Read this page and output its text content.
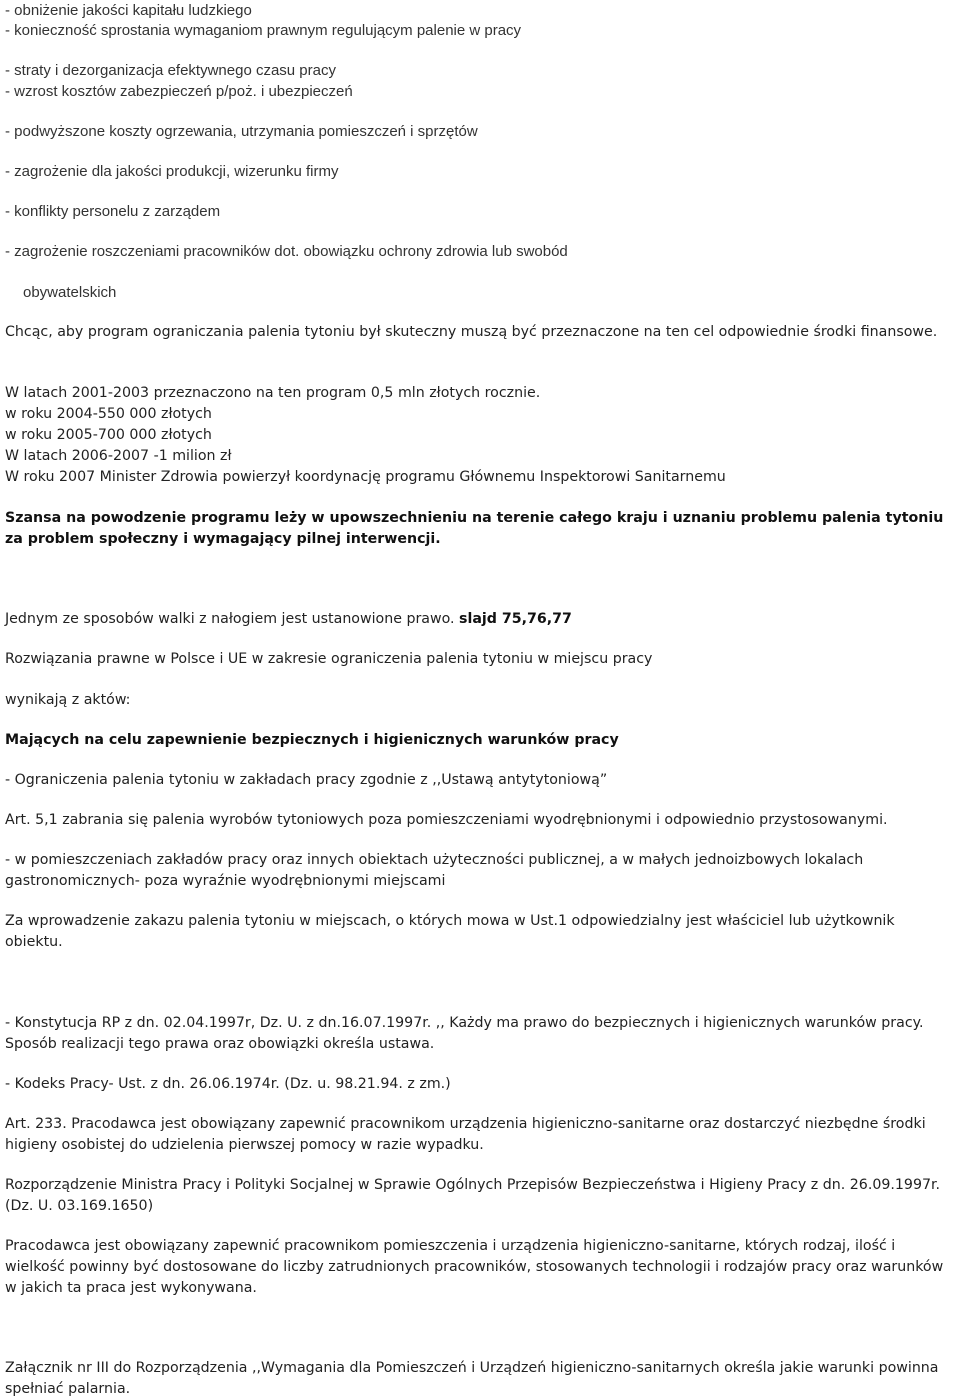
- obniżenie jakości kapitału ludzkiego

- konieczność sprostania wymaganiom prawnym regulującym palenie w pracy

- straty i dezorganizacja efektywnego czasu pracy

- wzrost kosztów zabezpieczeń p/poż. i ubezpieczeń

- podwyższone koszty ogrzewania, utrzymania pomieszczeń i sprzętów

- zagrożenie dla jakości produkcji, wizerunku firmy

- konflikty personelu z zarządem

- zagrożenie roszczeniami pracowników dot. obowiązku ochrony zdrowia lub swobód

obywatelskich

Chcąc, aby program ograniczania palenia tytoniu był skuteczny muszą być przeznaczone na ten cel odpowiednie środki finansowe.

W latach 2001-2003 przeznaczono na ten program 0,5 mln złotych rocznie.

w roku 2004-550 000 złotych

w roku 2005-700 000 złotych

W latach 2006-2007 -1 milion zł

W roku 2007 Minister Zdrowia powierzył koordynację programu Głównemu Inspektorowi Sanitarnemu

Szansa na powodzenie programu leży w upowszechnieniu na terenie całego kraju i uznaniu problemu palenia tytoniu za problem społeczny i wymagający pilnej interwencji.

Jednym ze sposobów walki z nałogiem jest ustanowione prawo. slajd 75,76,77

Rozwiązania prawne w Polsce i UE w zakresie ograniczenia palenia tytoniu w miejscu pracy

wynikają z aktów:

Mających na celu zapewnienie bezpiecznych i higienicznych warunków pracy

- Ograniczenia palenia tytoniu w zakładach pracy zgodnie z ,,Ustawą antytytoniową”

Art. 5,1 zabrania się palenia wyrobów tytoniowych poza pomieszczeniami wyodrębnionymi i odpowiednio przystosowanymi.

- w pomieszczeniach zakładów pracy oraz innych obiektach użyteczności publicznej, a w małych jednoizbowych lokalach gastronomicznych- poza wyraźnie wyodrębnionymi miejscami

Za wprowadzenie zakazu palenia tytoniu w miejscach, o których mowa w Ust.1 odpowiedzialny jest właściciel lub użytkownik obiektu.

- Konstytucja RP z dn. 02.04.1997r, Dz. U. z dn.16.07.1997r. ,, Każdy ma prawo do bezpiecznych i higienicznych warunków pracy. Sposób realizacji tego prawa oraz obowiązki określa ustawa.

- Kodeks Pracy- Ust. z dn. 26.06.1974r. (Dz. u. 98.21.94. z zm.)

Art. 233. Pracodawca jest obowiązany zapewnić pracownikom urządzenia higieniczno-sanitarne oraz dostarczyć niezbędne środki higieny osobistej do udzielenia pierwszej pomocy w razie wypadku.

Rozporządzenie Ministra Pracy i Polityki Socjalnej w Sprawie Ogólnych Przepisów Bezpieczeństwa i Higieny Pracy z dn. 26.09.1997r. (Dz. U. 03.169.1650)

Pracodawca jest obowiązany zapewnić pracownikom pomieszczenia i urządzenia higieniczno-sanitarne, których rodzaj, ilość i wielkość powinny być dostosowane do liczby zatrudnionych pracowników, stosowanych technologii i rodzajów pracy oraz warunków w jakich ta praca jest wykonywana.

Załącznik nr III do Rozporządzenia ,,Wymagania dla Pomieszczeń i Urządzeń higieniczno-sanitarnych określa jakie warunki powinna spełniać palarnia.
